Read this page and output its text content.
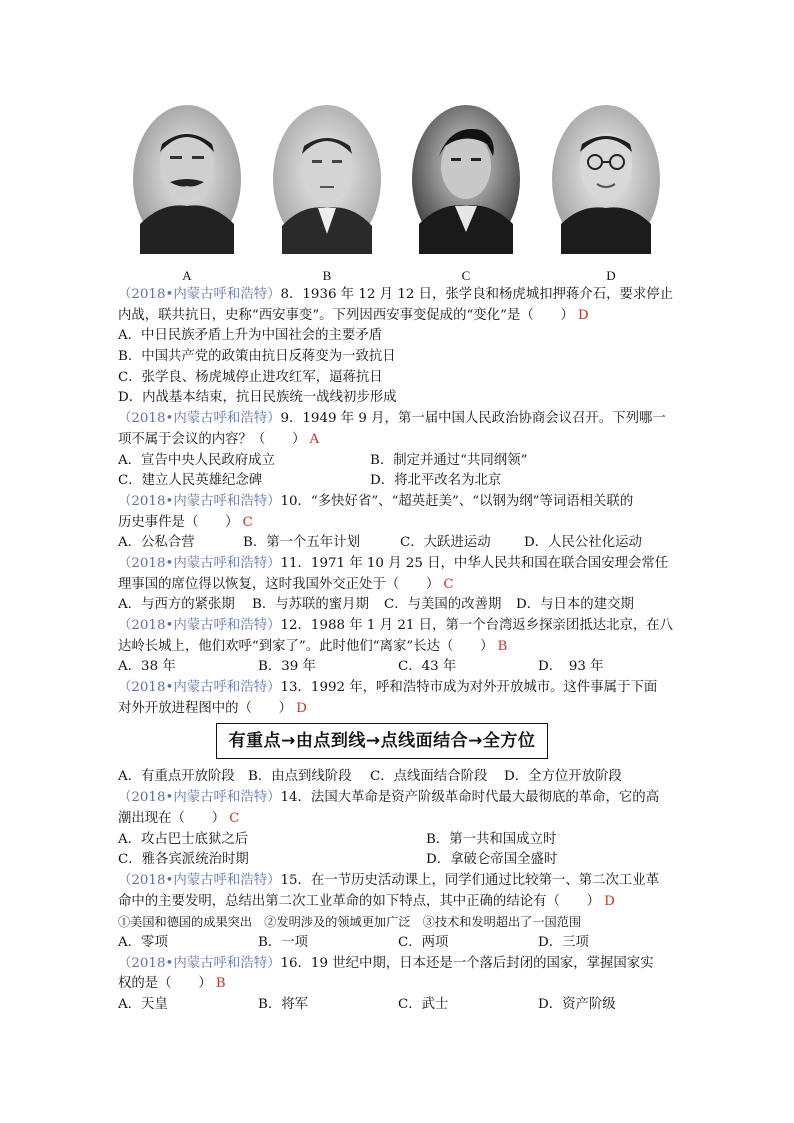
A	B	C	D
（2018•内蒙古呼和浩特）8．1936 年 12 月 12 日，张学良和杨虎城扣押蒋介石，要求停止
内战，联共抗日，史称“西安事变”。下列因西安事变促成的“变化”是（　　） D
A．中日民族矛盾上升为中国社会的主要矛盾
B．中国共产党的政策由抗日反蒋变为一致抗日
C．张学良、杨虎城停止进攻红军，逼蒋抗日
D．内战基本结束，抗日民族统一战线初步形成
（2018•内蒙古呼和浩特）9．1949 年 9 月，第一届中国人民政治协商会议召开。下列哪一
项不属于会议的内容？（　　） A
A．宣告中央人民政府成立	B．制定并通过“共同纲领”
C．建立人民英雄纪念碑	D．将北平改名为北京
（2018•内蒙古呼和浩特）10．“多快好省”、“超英赶美”、“以钢为纲”等词语相关联的
历史事件是（　　） C
A．公私合营	B．第一个五年计划	C．大跃进运动 D．人民公社化运动
（2018•内蒙古呼和浩特）11．1971 年 10 月 25 日，中华人民共和国在联合国安理会常任
理事国的席位得以恢复，这时我国外交正处于（　　） C
A．与西方的紧张期 B．与苏联的蜜月期 C．与美国的改善期 D．与日本的建交期
（2018•内蒙古呼和浩特）12．1988 年 1 月 21 日，第一个台湾返乡探亲团抵达北京，在八
达岭长城上，他们欢呼“到家了”。此时他们“离家”长达（　　） B
A．38 年	B．39 年	C．43 年	D．　93 年
（2018•内蒙古呼和浩特）13．1992 年，呼和浩特市成为对外开放城市。这件事属于下面
对外开放进程图中的（　　） D
有重点→由点到线→点线面结合→全方位
A．有重点开放阶段 B．由点到线阶段 C．点线面结合阶段 D．全方位开放阶段
（2018•内蒙古呼和浩特）14．法国大革命是资产阶级革命时代最大最彻底的革命，它的高
潮出现在（　　） C
A．攻占巴士底狱之后	B．第一共和国成立时
C．雅各宾派统治时期	D．拿破仑帝国全盛时
（2018•内蒙古呼和浩特）15．在一节历史活动课上，同学们通过比较第一、第二次工业革
命中的主要发明，总结出第二次工业革命的如下特点，其中正确的结论有（　　） D
①美国和德国的成果突出　②发明涉及的领域更加广泛　③技术和发明超出了一国范围
A．零项	B．一项	C．两项	D．三项
（2018•内蒙古呼和浩特）16．19 世纪中期，日本还是一个落后封闭的国家，掌握国家实
权的是（　　） B
A．天皇	B．将军	C．武士	D．资产阶级
